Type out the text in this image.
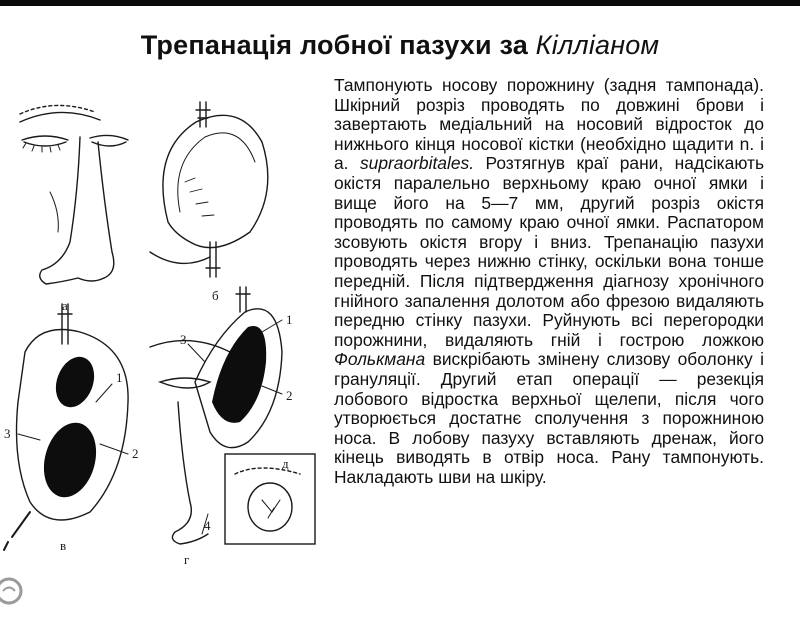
Трепанація лобної пазухи за Кілліаном
а
б
в
г
д
1
2
3
1
2
3
4

Тампонують носову порожнину (задня тампонада). Шкірний розріз проводять по довжині брови і завертають медіальний на носовий відросток до нижнього кінця носової кістки (необхідно щадити n. і a. supraorbitales. Розтягнув краї рани, надсікають окістя паралельно верхньому краю очної ямки і вище його на 5—7 мм, другий розріз окістя проводять по самому краю очної ямки. Распатором зсовують окістя вгору і вниз. Трепанацію пазухи проводять через нижню стінку, оскільки вона тонше передній. Після підтвердження діагнозу хронічного гнійного запалення долотом або фрезою видаляють передню стінку пазухи. Руйнують всі перегородки порожнини, видаляють гній і гострою ложкою Фолькмана вискрібають змінену слизову оболонку і грануляції. Другий етап операції — резекція лобового відростка верхньої щелепи, після чого утворюється достатнє сполучення з порожниною носа. В лобову пазуху вставляють дренаж, його кінець виводять в отвір носа. Рану тампонують. Накладають шви на шкіру.
